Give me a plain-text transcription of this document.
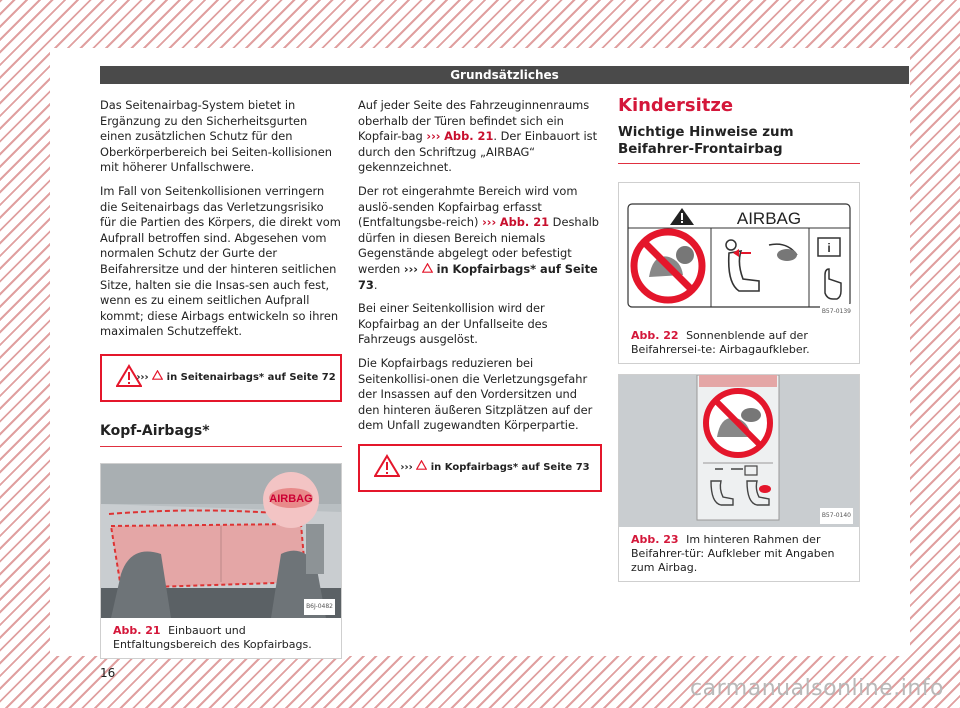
Grundsätzliches

Das Seitenairbag-System bietet in Ergänzung zu den Sicherheitsgurten einen zusätzlichen Schutz für den Oberkörperbereich bei Seiten-kollisionen mit höherer Unfallschwere.

Im Fall von Seitenkollisionen verringern die Seitenairbags das Verletzungsrisiko für die Partien des Körpers, die direkt vom Aufprall betroffen sind. Abgesehen vom normalen Schutz der Gurte der Beifahrersitze und der hinteren seitlichen Sitze, halten sie die Insas-sen auch fest, wenn es zu einem seitlichen Aufprall kommt; diese Airbags entwickeln so ihren maximalen Schutzeffekt.

››› in Seitenairbags* auf Seite 72
Kopf-Airbags*
AIRBAG
B6J-0482
Abb. 21 Einbauort und Entfaltungsbereich des Kopfairbags.

Auf jeder Seite des Fahrzeuginnenraums oberhalb der Türen befindet sich ein Kopfair-bag ››› Abb. 21. Der Einbauort ist durch den Schriftzug „AIRBAG“ gekennzeichnet.

Der rot eingerahmte Bereich wird vom auslö-senden Kopfairbag erfasst (Entfaltungsbe-reich) ››› Abb. 21 Deshalb dürfen in diesen Bereich niemals Gegenstände abgelegt oder befestigt werden ›››  in Kopfairbags* auf Seite 73.

Bei einer Seitenkollision wird der Kopfairbag an der Unfallseite des Fahrzeugs ausgelöst.

Die Kopfairbags reduzieren bei Seitenkollisi-onen die Verletzungsgefahr der Insassen auf den Vordersitzen und den hinteren äußeren Sitzplätzen auf der dem Unfall zugewandten Körperpartie.

››› in Kopfairbags* auf Seite 73
Kindersitze
Wichtige Hinweise zum Beifahrer-Frontairbag
AIRBAG
i
B57-0139
Abb. 22 Sonnenblende auf der Beifahrersei-te: Airbagaufkleber.
B57-0140
Abb. 23 Im hinteren Rahmen der Beifahrer-tür: Aufkleber mit Angaben zum Airbag.
16
carmanualsonline.info
